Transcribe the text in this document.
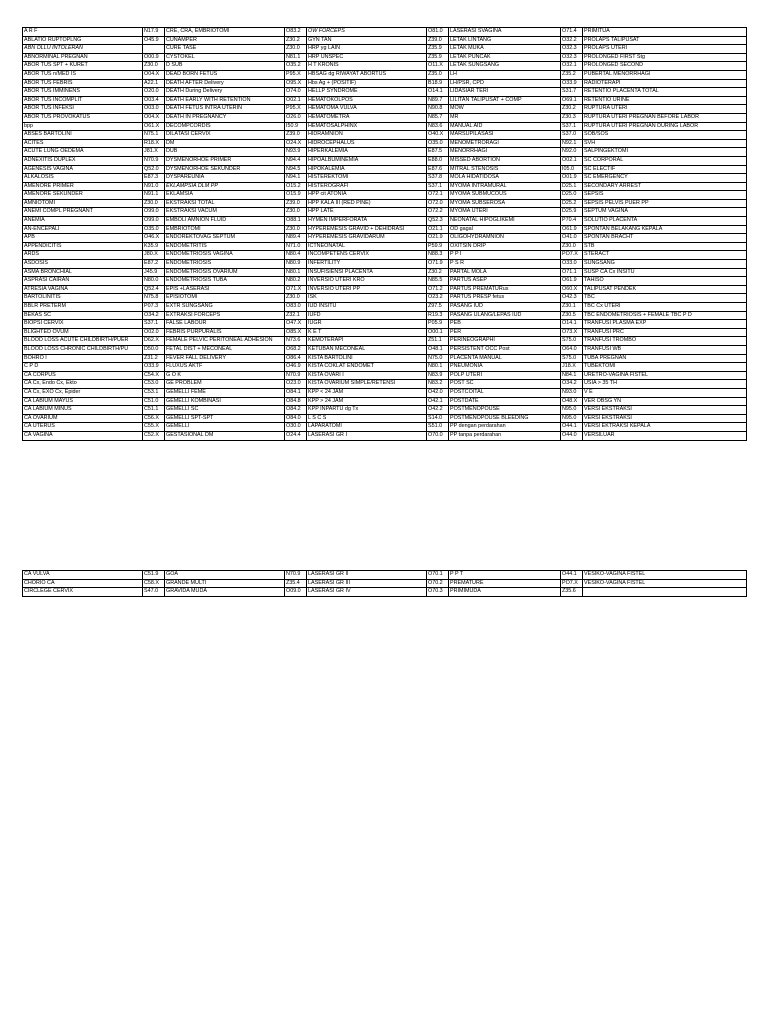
A R F	N17.9	CRE, CRA, EMBRIOTOMI	O83.2	OW FORCEPS	O81.0	LASERASI SVAGINA	O71.4	PRIMITUA
ABLATIO RUPTOPLNG	O45.9	CUNAMPER	Z30.2	GYN TAN	Z39.0	LETAK LINTANG	O32.2	PROLAPS TALIPUSAT
ABN OLLU INTOLERAN		CURE TASE	Z30.0	HRP yg LAIN	Z35.9	LETAK MUKA	O32.3	PROLAPS UTERI
ABNORMINAL PREGNAN	O00.9	CYSTOKEL	N81.1	HRP UNSPEC	Z35.9	LETAK PUNCAK	O32.3	PROLONGED FIRST Stg
ABOR TUS SPT + KURET	Z30.0	D SUB	O35.2	H T KRONIS	O11.X	LETAK SUNGSANG	O32.1	PROLONGED SECOND
ABOR TUS n/MED IS	O04.X	DEAD BORN FETUS	P95.X	HBSAG dg RIWAYAT ABORTUS	Z35.0	LH	Z35.2	PUBERTAL MENORRHAGI
ABOR TUS FEBRIS	A22.1	DEATH AFTER Delivery	O95.X	Hbs Ag + (POSITIF)	B18.9	LH/PSR, CPD	O33.9	RADIOTERAPI
ABOR TUS IMMINENS	O20.0	DEATH During Delivery	O74.0	HELLP SYNDROME	O14.1	LIDASIAR TERI	S31.7	RETENTIO PLACENTA TOTAL
ABOR TUS INCOMPLIT	O03.4	DEATH EARLY WITH RETENTION	O02.1	HEMATOKOLPOS	N89.7	LILITAN TALIPUSAT + COMP	O69.1	RETENTIO URINE
ABOR TUS INFEKSI	O03.0	DEATH FETUS INTRA UTERIN	P95.X	HEMATOMA VULVA	N90.8	MOW	Z30.2	RUPTURA UTERI
ABOR TUS PROVOKATUS	O04.X	DEATH IN PREGNANCY	O26.0	HEMATOMETRA	N85.7	MR	Z30.3	RUPTURA UTERI PREGNAN BEFORE LABOR
bpp	O61.X	DECOMPCORDIS	I50.9	HEMATOSALPHINX	N83.6	MANUAL AID	S37.1	RUPTURA UTERI PREGNAN DURING LABOR
ABSES BARTOLINI	N75.1	DILATASI CERVIX	Z39.0	HIDRAMNION	O40.X	MARSUPILASASI	S37.0	SOB/SOS
ACITES	R18.X	DM	O24.X	HIDROCEPHALUS	O35.0	MENOMETRORAGI	N92.1	SVH
ACUTE LUNG OEDEMA	J81.X	DUB	N93.9	HIPERKALEMIA	E87.5	MENORRHAGI	N92.0	SALPINGEKTOMI
ADNEXITIS DUPLEX	N70.9	DYSMENORHOE PRIMER	N94.4	HIPOALBUMINEMIA	E88.0	MISSED ABORTION	O02.1	SC CORPORAL
AGENESIS VAGINA	Q52.0	DYSMENORHOE SEKUNDER	N94.5	HIPOKALEMIA	E87.6	MITRAL STENOSIS	I05.0	SC ELECTIF
ALKALOSIS	E87.3	DYSPAREUNIA	N94.1	HISTEREKTOMI	S37.8	MOLA HIDATIDOSA	O01.9	SC EMERGENCY
AMENORE PRIMER	N91.0	EKLAMPSIA DLM PP	O15.2	HISTEROGRAFI	S37.1	MYOMA INTRAMURAL	D25.1	SECONDARY ARREST
AMENORE SEKUNDER	N91.1	EKLAMSIA	O15.9	HPP cit ATONIA	O72.1	MYOMA SUBMUCOUS	D25.0	SEPSIS
AMNIOTOMI	Z30.0	EKSTRAKSI TOTAL	Z39.0	HPP KALA III (RED PINE)	O72.0	MYOMA SUBSEROSA	D25.2	SEPSIS PELVIS PUER PP
ANEMI COMPL PREGNANT	O99.0	EKSTRAKSI VACUM	Z30.0	HPP LATE	O72.2	MYOMA UTERI	D25.9	SEPTUM VAGINA
ANEMIA	O99.0	EMBOLI AMNION FLUID	O88.1	HYMEN IMPERFORATA	Q52.3	NEONATAL HIPOGLIKEMI	P70.4	SOLUTIO PLACENTA
AN-ENCEPALI	O35.0	EMBRIOTOMI	Z30.0	HYPEREMESIS GRAVID + DEHIDRASI	O21.1	OD gagal	O61.9	SPONTAN BELAKANG KEPALA
APB	O46.X	ENDOREKTOVAG SEPTUM	N89.4	HYPEREMESIS GRAVIDARUM	O21.9	OLIGOHYDRAMNION	O41.0	SPONTAN BRACHT
APPENDICITIS	K35.9	ENDOMETRITIS	N71.0	ICTNEONATAL	P59.9	OXITSIN DRIP	Z30.0	STB
ARDS	J80.X	ENDOMETRIOSIS VAGINA	N80.4	INCOMPETENS CERVIX	N88.3	P P I	PO7.X	STERACT
ASDOSIS	E87.2	ENDOMETRIOSIS	N80.9	INFERTILITY	O71.9	P S R	O33.0	SUNGSANG
ASMA BRONCHIAL	J45.9	ENDOMETRIOSIS OVARIUM	N80.1	INSUFISIENSI PLACENTA	Z30.2	PARTAL MOLA	O71.1	SUSP CA Cx INSITU
ASPRASI CAIRAN	N80.0	ENDOMETRIOSIS TUBA	N80.2	INVERSIO UTERI KRO	N85.5	PARTUS ASEP	O61.9	TAHISO
ATRESIA VAGINA	Q52.4	EPIS +LASERASI	O71.X	INVERSIO UTERI PP	O71.2	PARTUS PREMATURus	O60.X	TALIPUSAT PENDEK
BARTOLINITIS	N75.8	EPISIOTOMI	Z30.0	ISK	O23.2	PARTUS PRESP fetus	O42.3	TBC
BBLR PRETERM	P07.3	EXTR SUNGSANG	O83.0	IUD INSITU	Z97.5	PASANG IUD	Z30.1	TBC Cx UTERI
BEKAS SC	O34.2	EXTRAKSI FORCEPS	Z32.1	IUFD	R19.3	PASANG ULANG/LEPAS IUD	Z30.5	TBC ENDOMETRIOSIS + FEMALE TBC P D
BIOPSI CERVIX	S37.1	FALSE LABOUR	O47.X	IUGR	P05.9	PEB	O14.1	TRANFUSI PLASMA EXP
BLIGHTED OVUM	O02.0	FEBRIS PURPURALIS	O85.X	K E T	O00.1	PER	O73.X	TRANFUSI PRC
BLOOD LOSS ACUTE CHILDBIRTH/PUER	D62.X	FEMALE PELVIC PERITONEAL ADHESION	N73.6	KEMOTERAPI	Z51.1	PERINEOGRAPHI	S75.0	TRANFUSI TROMBO
BLOOD LOSS CHRONIC CHILDBIRTH/PU	D50.0	FETAL DIST + MECONEAL	O68.2	KETUBAN MECONEAL	O48.1	PERSISTENT OCC Post	O64.0	TRANFUSI WB
BOHRO I	Z31.2	FEVER FALL DELIVERY	O86.4	KISTA BARTOLINI	N75.0	PLACENTA MANUAL	S75.0	TUBA PREGNAN
C P D	O33.9	FLUXUS AKTF	O46.9	KISTA COKLAT ENDOMET	N80.1	PNEUMONIA	J18.X	TUBEKTOMI
CA CORPUS	C54.X	G O K	N70.9	KISTA OVARI I	N83.9	POLP UTERI	N84.1	URETRO-VAGINA FISTEL
CA Cx, Endo Cx, Ekto	C53.0	GE PROBLEM	O23.0	KISTA OVARIUM SIMPLE/RETENSI	N83.2	POST SC	O34.2	USIA > 35 TH
CA Cx, EXO Cx, Epider	C53.1	GEMELLI FEME	O84.1	KPP < 24 JAM	O42.0	POSTCOITAL	N93.0	V E
CA LABIUM MAYUS	C51.0	GEMELLI KOMBINASI	O84.8	KPP > 24 JAM	O42.1	POSTDATE	O48.X	VER OBSG YN
CA LABIUM MINUS	C51.1	GEMELLI SC	O84.2	KPP INPARTU dg Tx	O42.2	POSTMENOPOUSE	N95.0	VERSI EKSTRAKSI
CA OVARIUM	C56.X	GEMELLI SPT-SPT	O84.0	L S C S	S14.0	POSTMENOPOUSE BLEEDING	N95.0	VERSI EKSTRAKSI
CA UTERUS	C55.X	GEMELLI	O30.0	LAPARATOMI	S51.0	PP dengan perdarahan	O44.1	VERSI EKTRAKSI KEPALA
CA VAGINA	C52.X	GESTASIONAL DM	O24.4	LASERASI GR I	O70.0	PP tanpa perdarahan	O44.0	VERSILUAR
CA VULVA	C51.9	GOA	N70.9	LASERASI GR II	O70.1	P P T	O44.1	VESIKO-VAGINA FISTEL
CHORIO CA	C58.X	GRANDE MULTI	Z35.4	LASERASI GR III	O70.2	PREMATURE	PO7.X	VESIKO-VAGINA FISTEL
CIRCLEGE CERVIX	S47.0	GRAVIDA MUDA	O09.0	LASERASI GR IV	O70.3	PRIMIMUDA	Z35.6	
